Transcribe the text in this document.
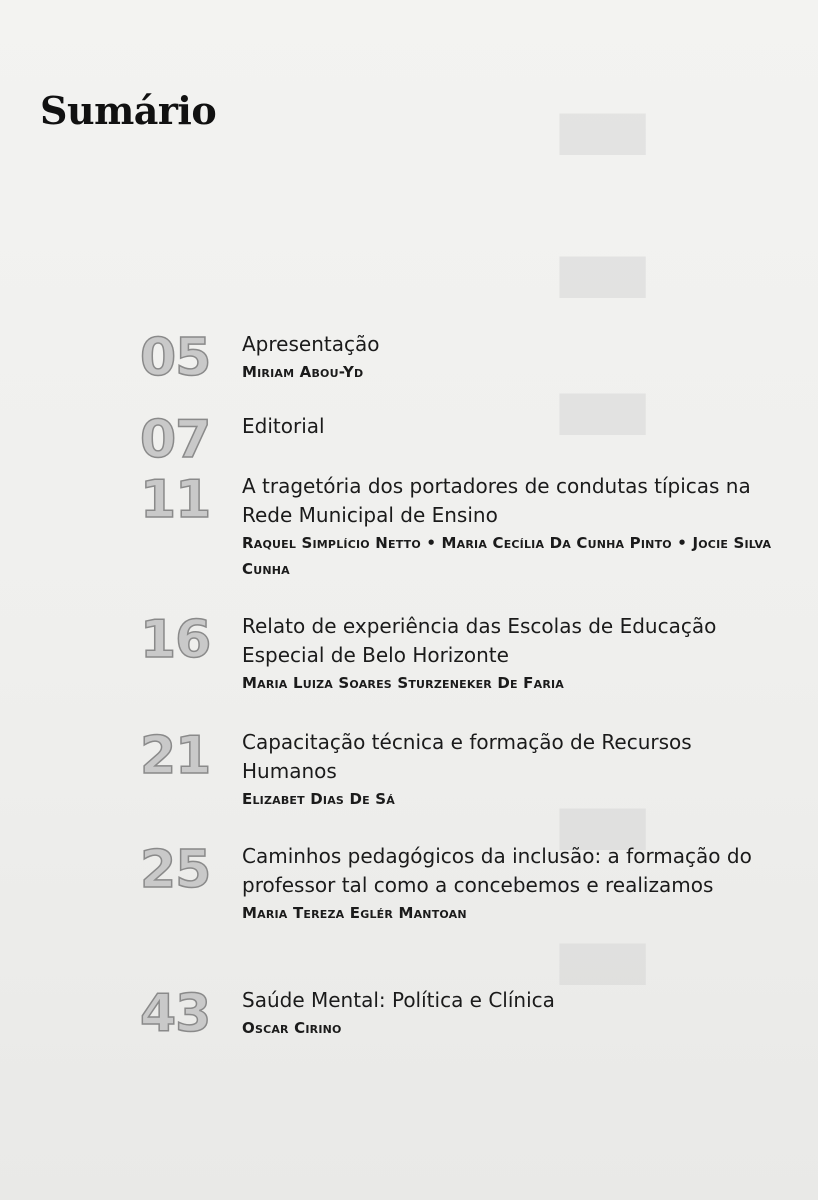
▅▅
▅▅
▅▅
▅▅
▅▅
Sumário
05	Apresentação
Miriam Abou-Yd
07	Editorial
11	A tragetória dos portadores de condutas típicas na Rede Municipal de Ensino
Raquel Simplício Netto • Maria Cecília Da Cunha Pinto • Jocie Silva Cunha
16	Relato de experiência das Escolas de Educação Especial de Belo Horizonte
Maria Luiza Soares Sturzeneker De Faria
21	Capacitação técnica e formação de Recursos Humanos
Elizabet Dias De Sá
25	Caminhos pedagógicos da inclusão: a formação do professor tal como a concebemos e realizamos
Maria Tereza Eglér Mantoan
43	Saúde Mental: Política e Clínica
Oscar Cirino
